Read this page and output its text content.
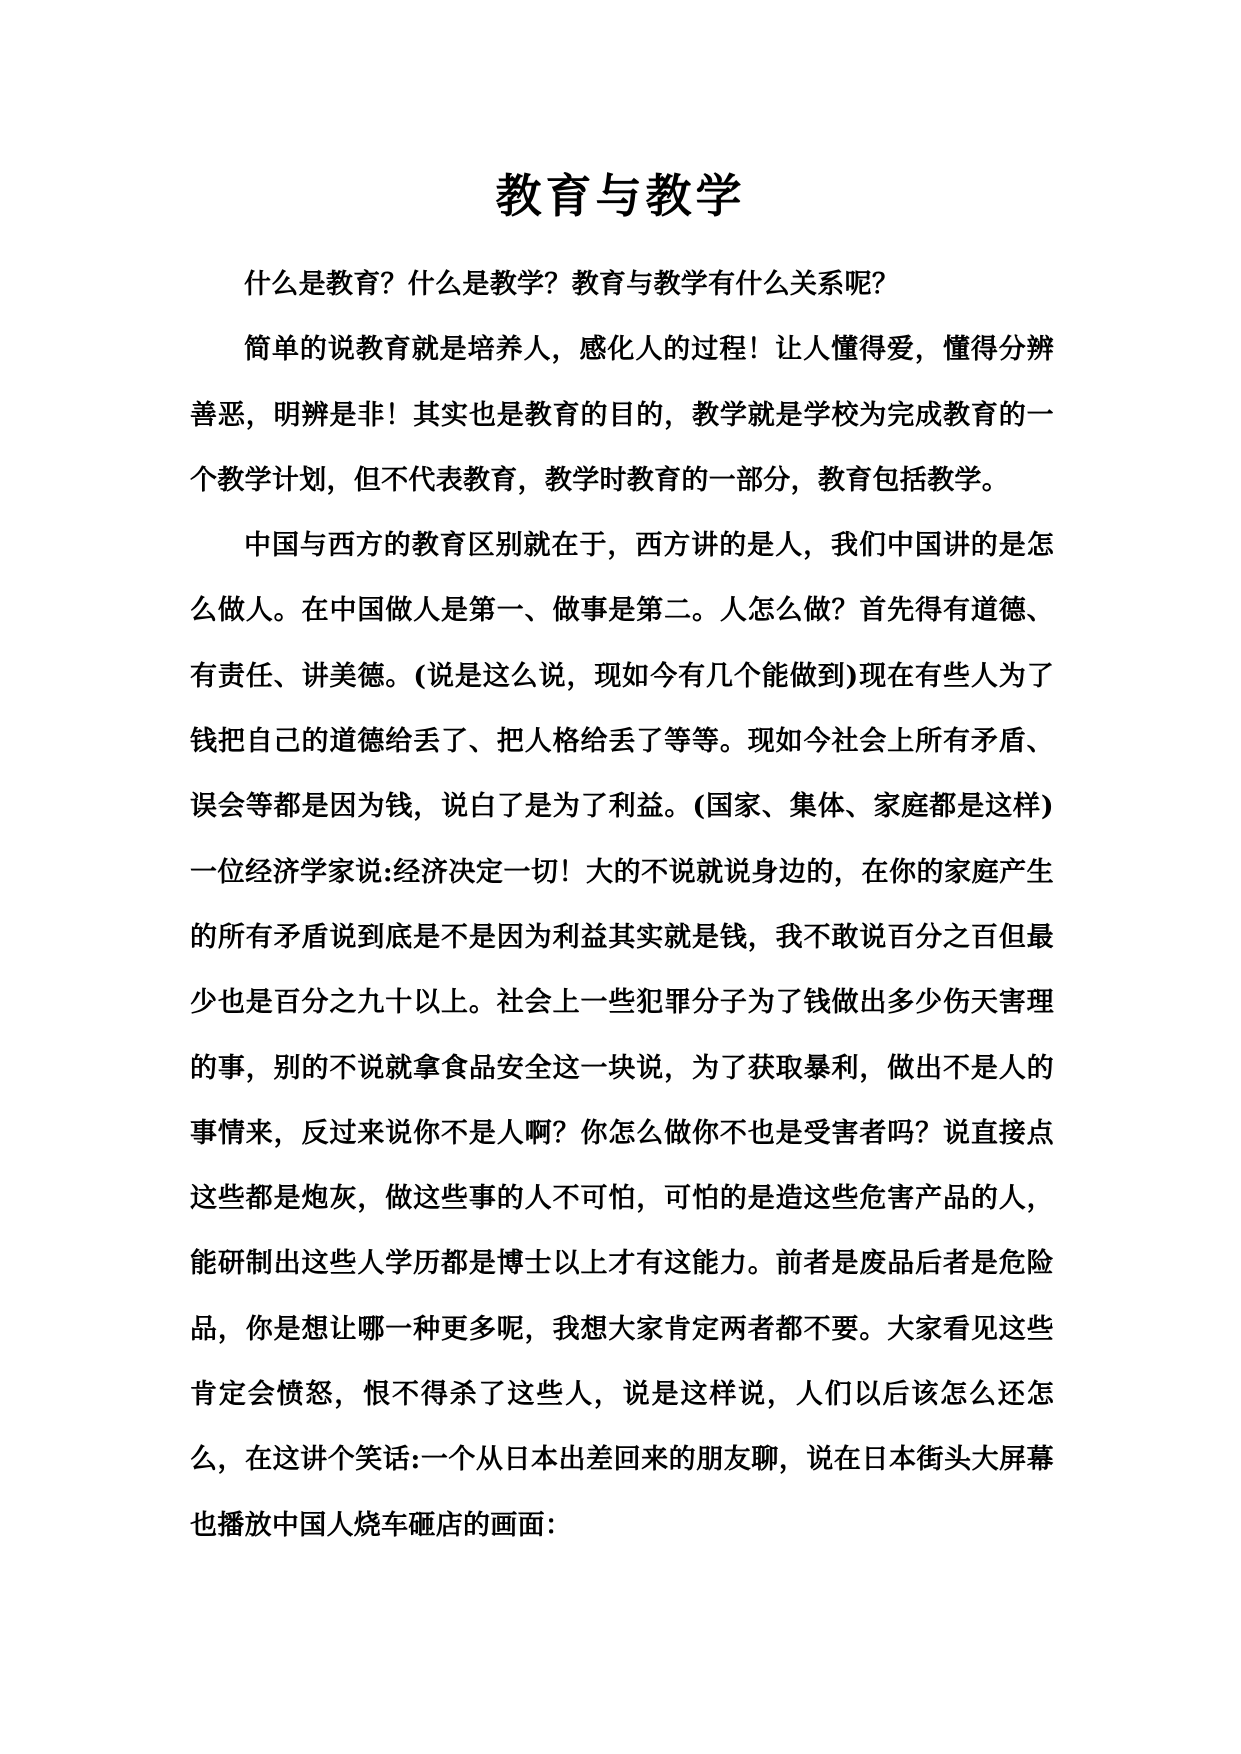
教育与教学

什么是教育？什么是教学？教育与教学有什么关系呢？

简单的说教育就是培养人，感化人的过程！让人懂得爱，懂得分辨善恶，明辨是非！其实也是教育的目的，教学就是学校为完成教育的一个教学计划，但不代表教育，教学时教育的一部分，教育包括教学。

中国与西方的教育区别就在于，西方讲的是人，我们中国讲的是怎么做人。在中国做人是第一、做事是第二。人怎么做？首先得有道德、有责任、讲美德。(说是这么说，现如今有几个能做到)现在有些人为了钱把自己的道德给丢了、把人格给丢了等等。现如今社会上所有矛盾、误会等都是因为钱，说白了是为了利益。(国家、集体、家庭都是这样)一位经济学家说:经济决定一切！大的不说就说身边的，在你的家庭产生的所有矛盾说到底是不是因为利益其实就是钱，我不敢说百分之百但最少也是百分之九十以上。社会上一些犯罪分子为了钱做出多少伤天害理的事，别的不说就拿食品安全这一块说，为了获取暴利，做出不是人的事情来，反过来说你不是人啊？你怎么做你不也是受害者吗？说直接点这些都是炮灰，做这些事的人不可怕，可怕的是造这些危害产品的人，能研制出这些人学历都是博士以上才有这能力。前者是废品后者是危险品，你是想让哪一种更多呢，我想大家肯定两者都不要。大家看见这些肯定会愤怒，恨不得杀了这些人，说是这样说，人们以后该怎么还怎么，在这讲个笑话:一个从日本出差回来的朋友聊，说在日本街头大屏幕也播放中国人烧车砸店的画面：
